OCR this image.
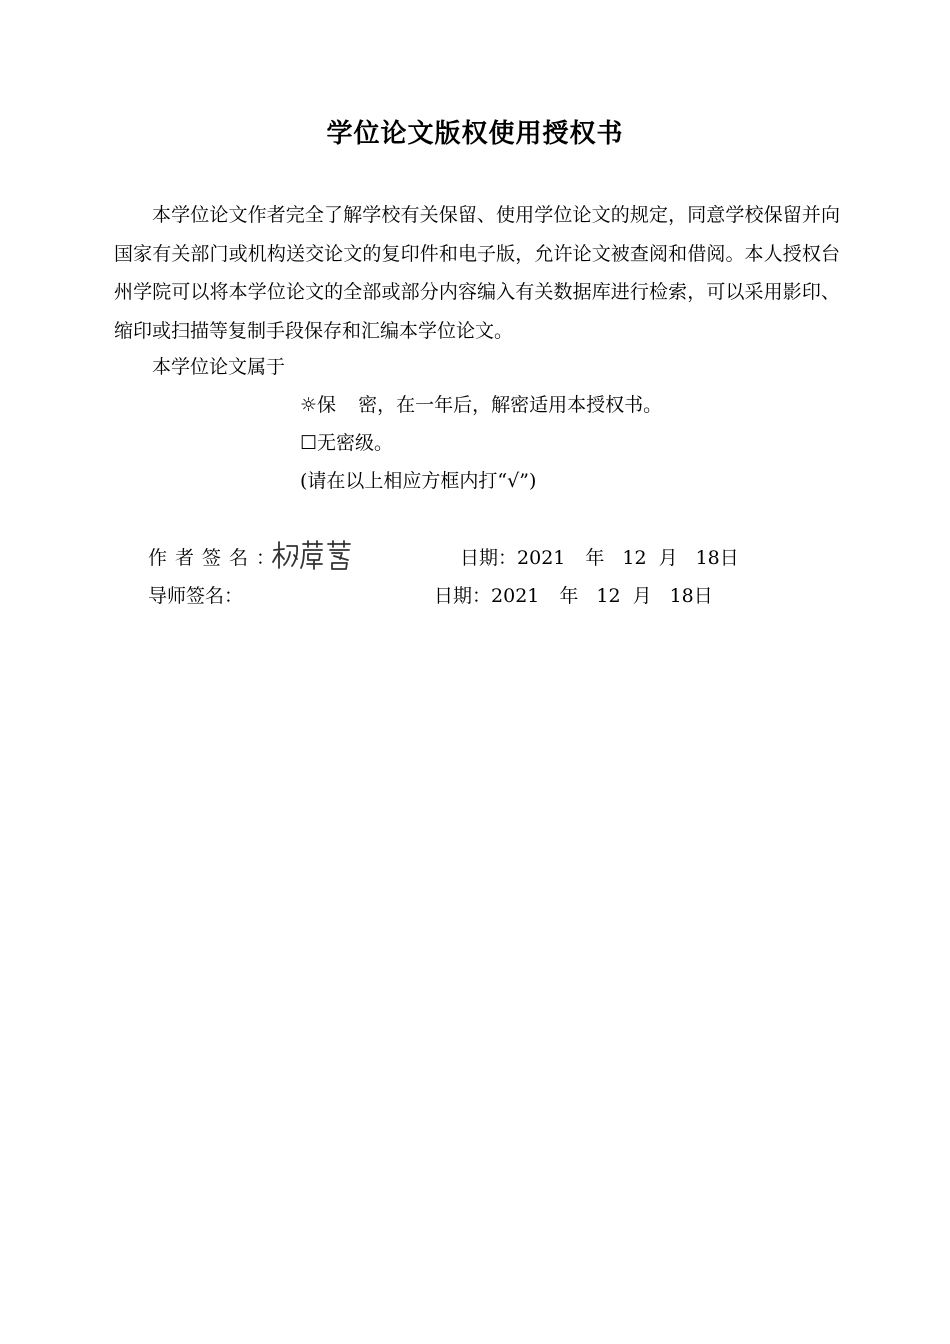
学位论文版权使用授权书
本学位论文作者完全了解学校有关保留、使用学位论文的规定，同意学校保留并向国家有关部门或机构送交论文的复印件和电子版，允许论文被查阅和借阅。本人授权台州学院可以将本学位论文的全部或部分内容编入有关数据库进行检索，可以采用影印、缩印或扫描等复制手段保存和汇编本学位论文。
本学位论文属于
☼保 密，在一年后，解密适用本授权书。
☐无密级。
(请在以上相应方框内打“√”)
作者签名：	日期：2021 年 12 月 18日
导师签名：	日期：2021 年 12 月 18日
